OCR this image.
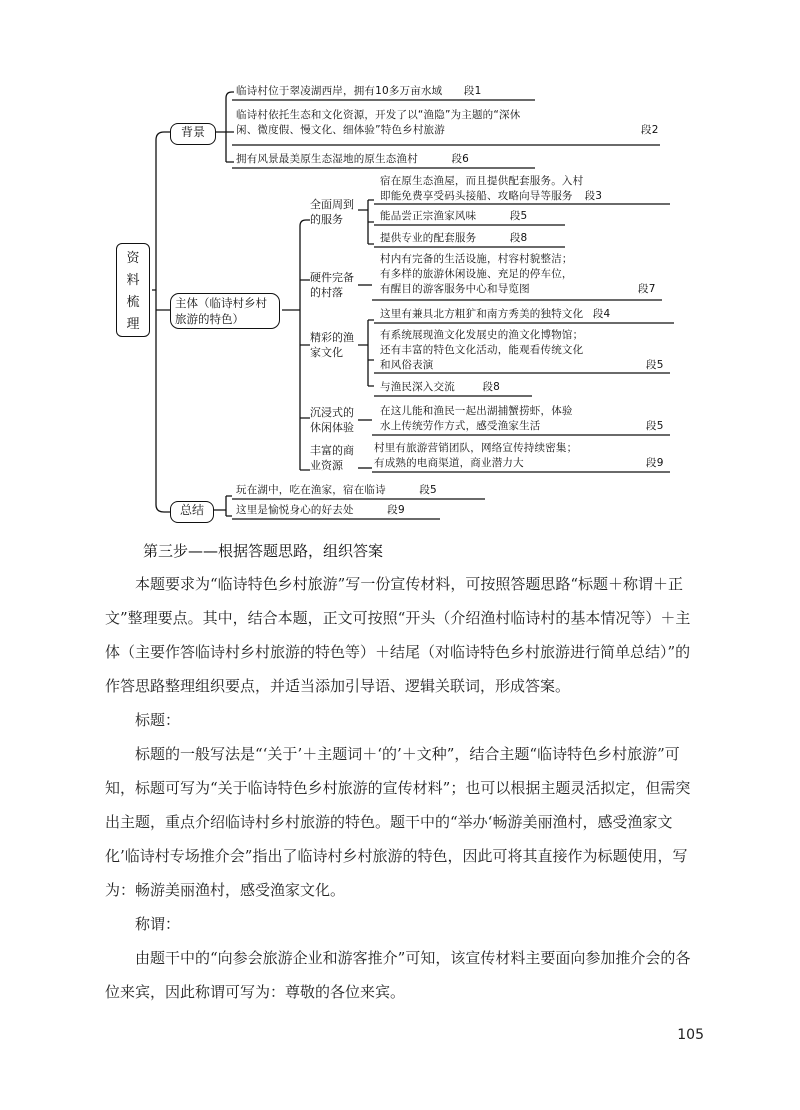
资料梳理
背景
临诗村位于翠凌湖西岸，拥有10多万亩水域 段1
临诗村依托生态和文化资源，开发了以“渔隐”为主题的“深休
闲、微度假、慢文化、细体验”特色乡村旅游	段2
拥有风景最美原生态湿地的原生态渔村	段6
主体（临诗村乡村旅游的特色）
全面周到的服务
宿在原生态渔屋，而且提供配套服务。入村
即能免费享受码头接船、攻略向导等服务 段3
能品尝正宗渔家风味	段5
提供专业的配套服务	段8
硬件完备的村落
村内有完备的生活设施，村容村貌整洁；
有多样的旅游休闲设施、充足的停车位，
有醒目的游客服务中心和导览图	段7
精彩的渔家文化
这里有兼具北方粗犷和南方秀美的独特文化 段4
有系统展现渔文化发展史的渔文化博物馆；
还有丰富的特色文化活动，能观看传统文化
和风俗表演	段5
与渔民深入交流	段8
沉浸式的休闲体验
在这儿能和渔民一起出湖捕蟹捞虾，体验
水上传统劳作方式，感受渔家生活	段5
丰富的商业资源
村里有旅游营销团队，网络宣传持续密集；
有成熟的电商渠道，商业潜力大	段9
总结
玩在湖中，吃在渔家，宿在临诗	段5
这里是愉悦身心的好去处	段9
第三步——根据答题思路，组织答案

本题要求为“临诗特色乡村旅游”写一份宣传材料，可按照答题思路“标题＋称谓＋正文”整理要点。其中，结合本题，正文可按照“开头（介绍渔村临诗村的基本情况等）＋主体（主要作答临诗村乡村旅游的特色等）＋结尾（对临诗特色乡村旅游进行简单总结）”的作答思路整理组织要点，并适当添加引导语、逻辑关联词，形成答案。

标题：

标题的一般写法是“‘关于’＋主题词＋‘的’＋文种”，结合主题“临诗特色乡村旅游”可知，标题可写为“关于临诗特色乡村旅游的宣传材料”；也可以根据主题灵活拟定，但需突出主题，重点介绍临诗村乡村旅游的特色。题干中的“举办‘畅游美丽渔村，感受渔家文化’临诗村专场推介会”指出了临诗村乡村旅游的特色，因此可将其直接作为标题使用，写为：畅游美丽渔村，感受渔家文化。

称谓：

由题干中的“向参会旅游企业和游客推介”可知，该宣传材料主要面向参加推介会的各位来宾，因此称谓可写为：尊敬的各位来宾。

105
